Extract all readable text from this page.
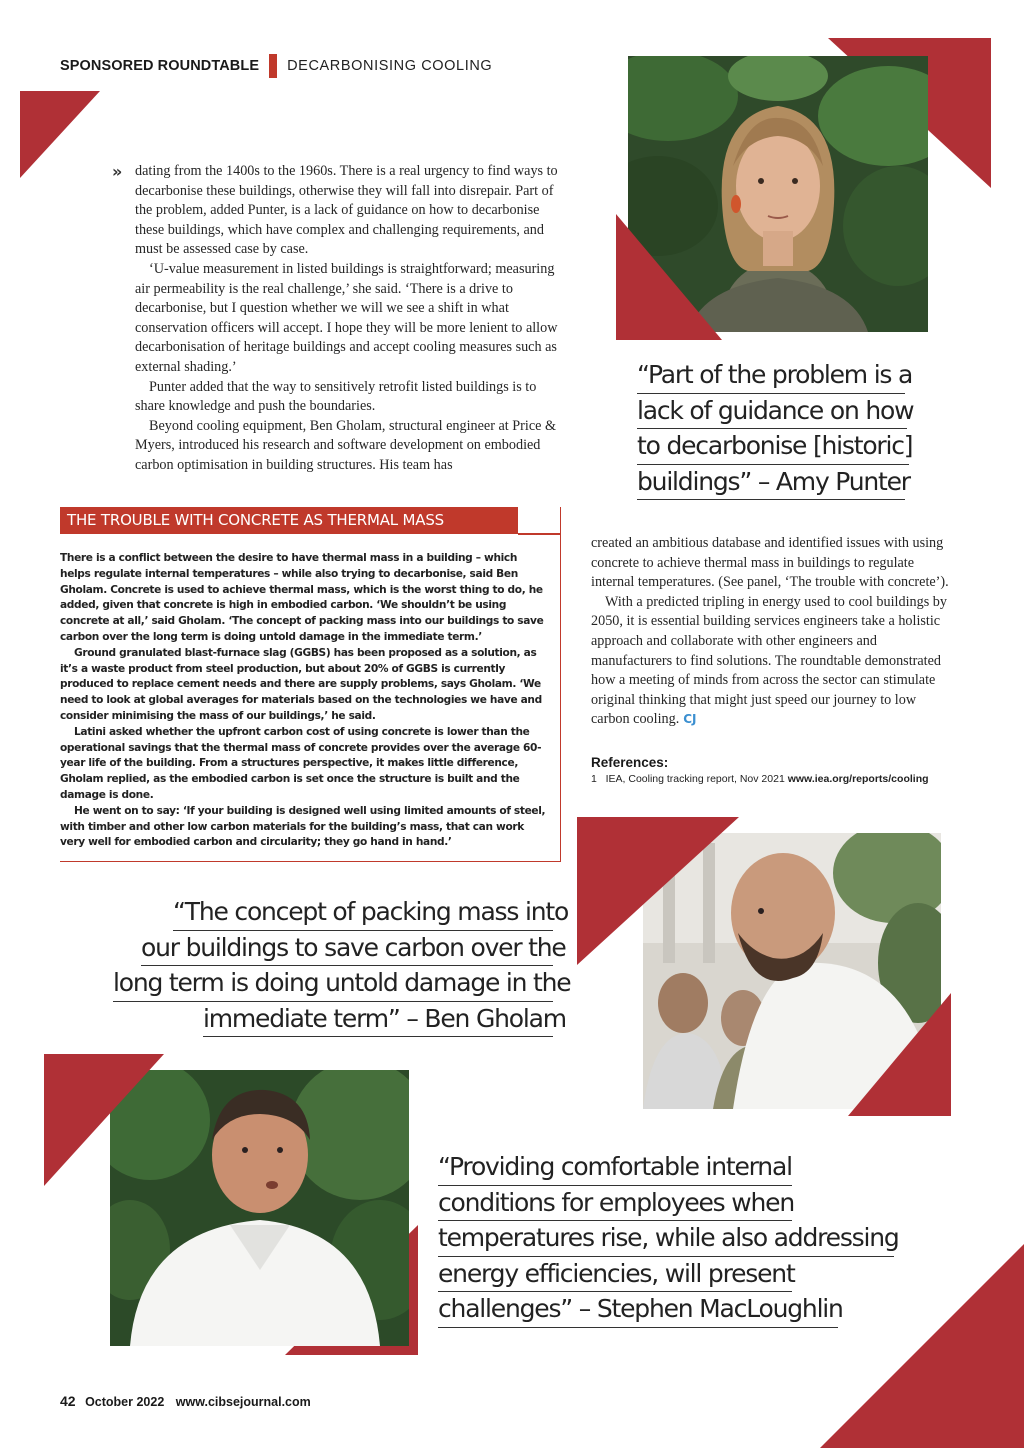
SPONSORED ROUNDTABLE DECARBONISING COOLING
» dating from the 1400s to the 1960s. There is a real urgency to find ways to decarbonise these buildings, otherwise they will fall into disrepair. Part of the problem, added Punter, is a lack of guidance on how to decarbonise these buildings, which have complex and challenging requirements, and must be assessed case by case.

‘U-value measurement in listed buildings is straightforward; measuring air permeability is the real challenge,’ she said. ‘There is a drive to decarbonise, but I question whether we will we see a shift in what conservation officers will accept. I hope they will be more lenient to allow decarbonisation of heritage buildings and accept cooling measures such as external shading.’

Punter added that the way to sensitively retrofit listed buildings is to share knowledge and push the boundaries.

Beyond cooling equipment, Ben Gholam, structural engineer at Price & Myers, introduced his research and software development on embodied carbon optimisation in building structures. His team has

“Part of the problem is a
lack of guidance on how
to decarbonise [historic]
buildings” – Amy Punter
THE TROUBLE WITH CONCRETE AS THERMAL MASS

There is a conflict between the desire to have thermal mass in a building – which helps regulate internal temperatures – while also trying to decarbonise, said Ben Gholam. Concrete is used to achieve thermal mass, which is the worst thing to do, he added, given that concrete is high in embodied carbon. ‘We shouldn’t be using concrete at all,’ said Gholam. ‘The concept of packing mass into our buildings to save carbon over the long term is doing untold damage in the immediate term.’

Ground granulated blast-furnace slag (GGBS) has been proposed as a solution, as it’s a waste product from steel production, but about 20% of GGBS is currently produced to replace cement needs and there are supply problems, says Gholam. ‘We need to look at global averages for materials based on the technologies we have and consider minimising the mass of our buildings,’ he said.

Latini asked whether the upfront carbon cost of using concrete is lower than the operational savings that the thermal mass of concrete provides over the average 60-year life of the building. From a structures perspective, it makes little difference, Gholam replied, as the embodied carbon is set once the structure is built and the damage is done.

He went on to say: ‘If your building is designed well using limited amounts of steel, with timber and other low carbon materials for the building’s mass, that can work very well for embodied carbon and circularity; they go hand in hand.’

created an ambitious database and identified issues with using concrete to achieve thermal mass in buildings to regulate internal temperatures. (See panel, ‘The trouble with concrete’).

With a predicted tripling in energy used to cool buildings by 2050, it is essential building services engineers take a holistic approach and collaborate with other engineers and manufacturers to find solutions. The roundtable demonstrated how a meeting of minds from across the sector can stimulate original thinking that might just speed our journey to low carbon cooling. CJ

References:
1 IEA, Cooling tracking report, Nov 2021 www.iea.org/reports/cooling
“The concept of packing mass into
our buildings to save carbon over the
long term is doing untold damage in the
immediate term” – Ben Gholam
“Providing comfortable internal
conditions for employees when
temperatures rise, while also addressing
energy efficiencies, will present
challenges” – Stephen MacLoughlin
42 October 2022 www.cibsejournal.com
